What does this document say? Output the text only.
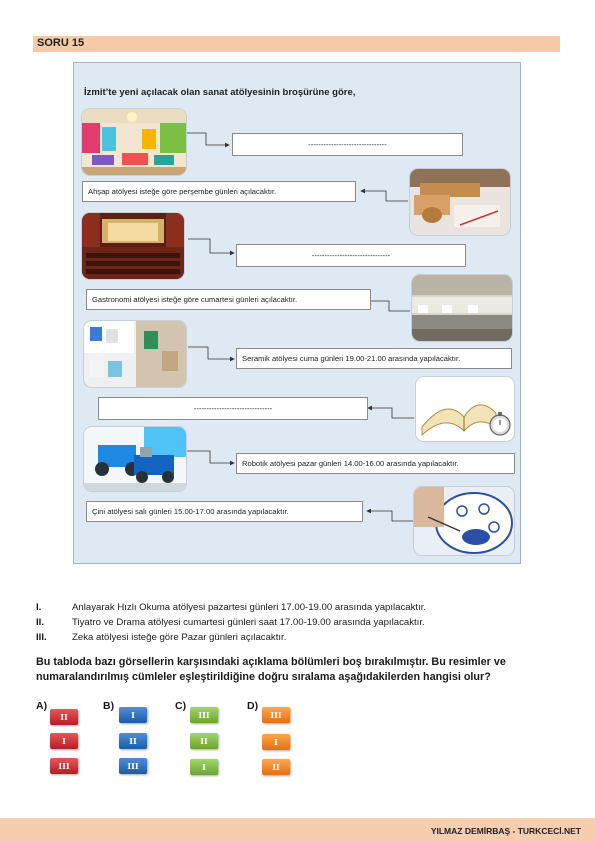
SORU 15
İzmit’te yeni açılacak olan sanat atölyesinin broşürüne göre,
-------------------------------
Ahşap atölyesi isteğe göre perşembe günleri açılacaktır.
-------------------------------
Gastronomi atölyesi isteğe göre cumartesi günleri açılacaktır.
Seramik atölyesi cuma günleri 19.00-21.00 arasında yapılacaktır.
-------------------------------
Robotik atölyesi pazar günleri 14.00-16.00 arasında yapılacaktır.
Çini atölyesi salı günleri 15.00-17.00 arasında yapılacaktır.
I.	Anlayarak Hızlı Okuma atölyesi pazartesi günleri 17.00-19.00 arasında yapılacaktır.
II.	Tiyatro ve Drama atölyesi cumartesi günleri saat 17.00-19.00 arasında yapılacaktır.
III.	Zeka atölyesi isteğe göre Pazar günleri açılacaktır.
Bu tabloda bazı görsellerin karşısındaki açıklama bölümleri boş bırakılmıştır. Bu resimler ve numaralandırılmış cümleler eşleştirildiğine doğru sıralama aşağıdakilerden hangisi olur?
A)
II
I
III
B)
I
II
III
C)
III
II
I
D)
III
I
II
YILMAZ DEMİRBAŞ - TURKCECİ.NET
